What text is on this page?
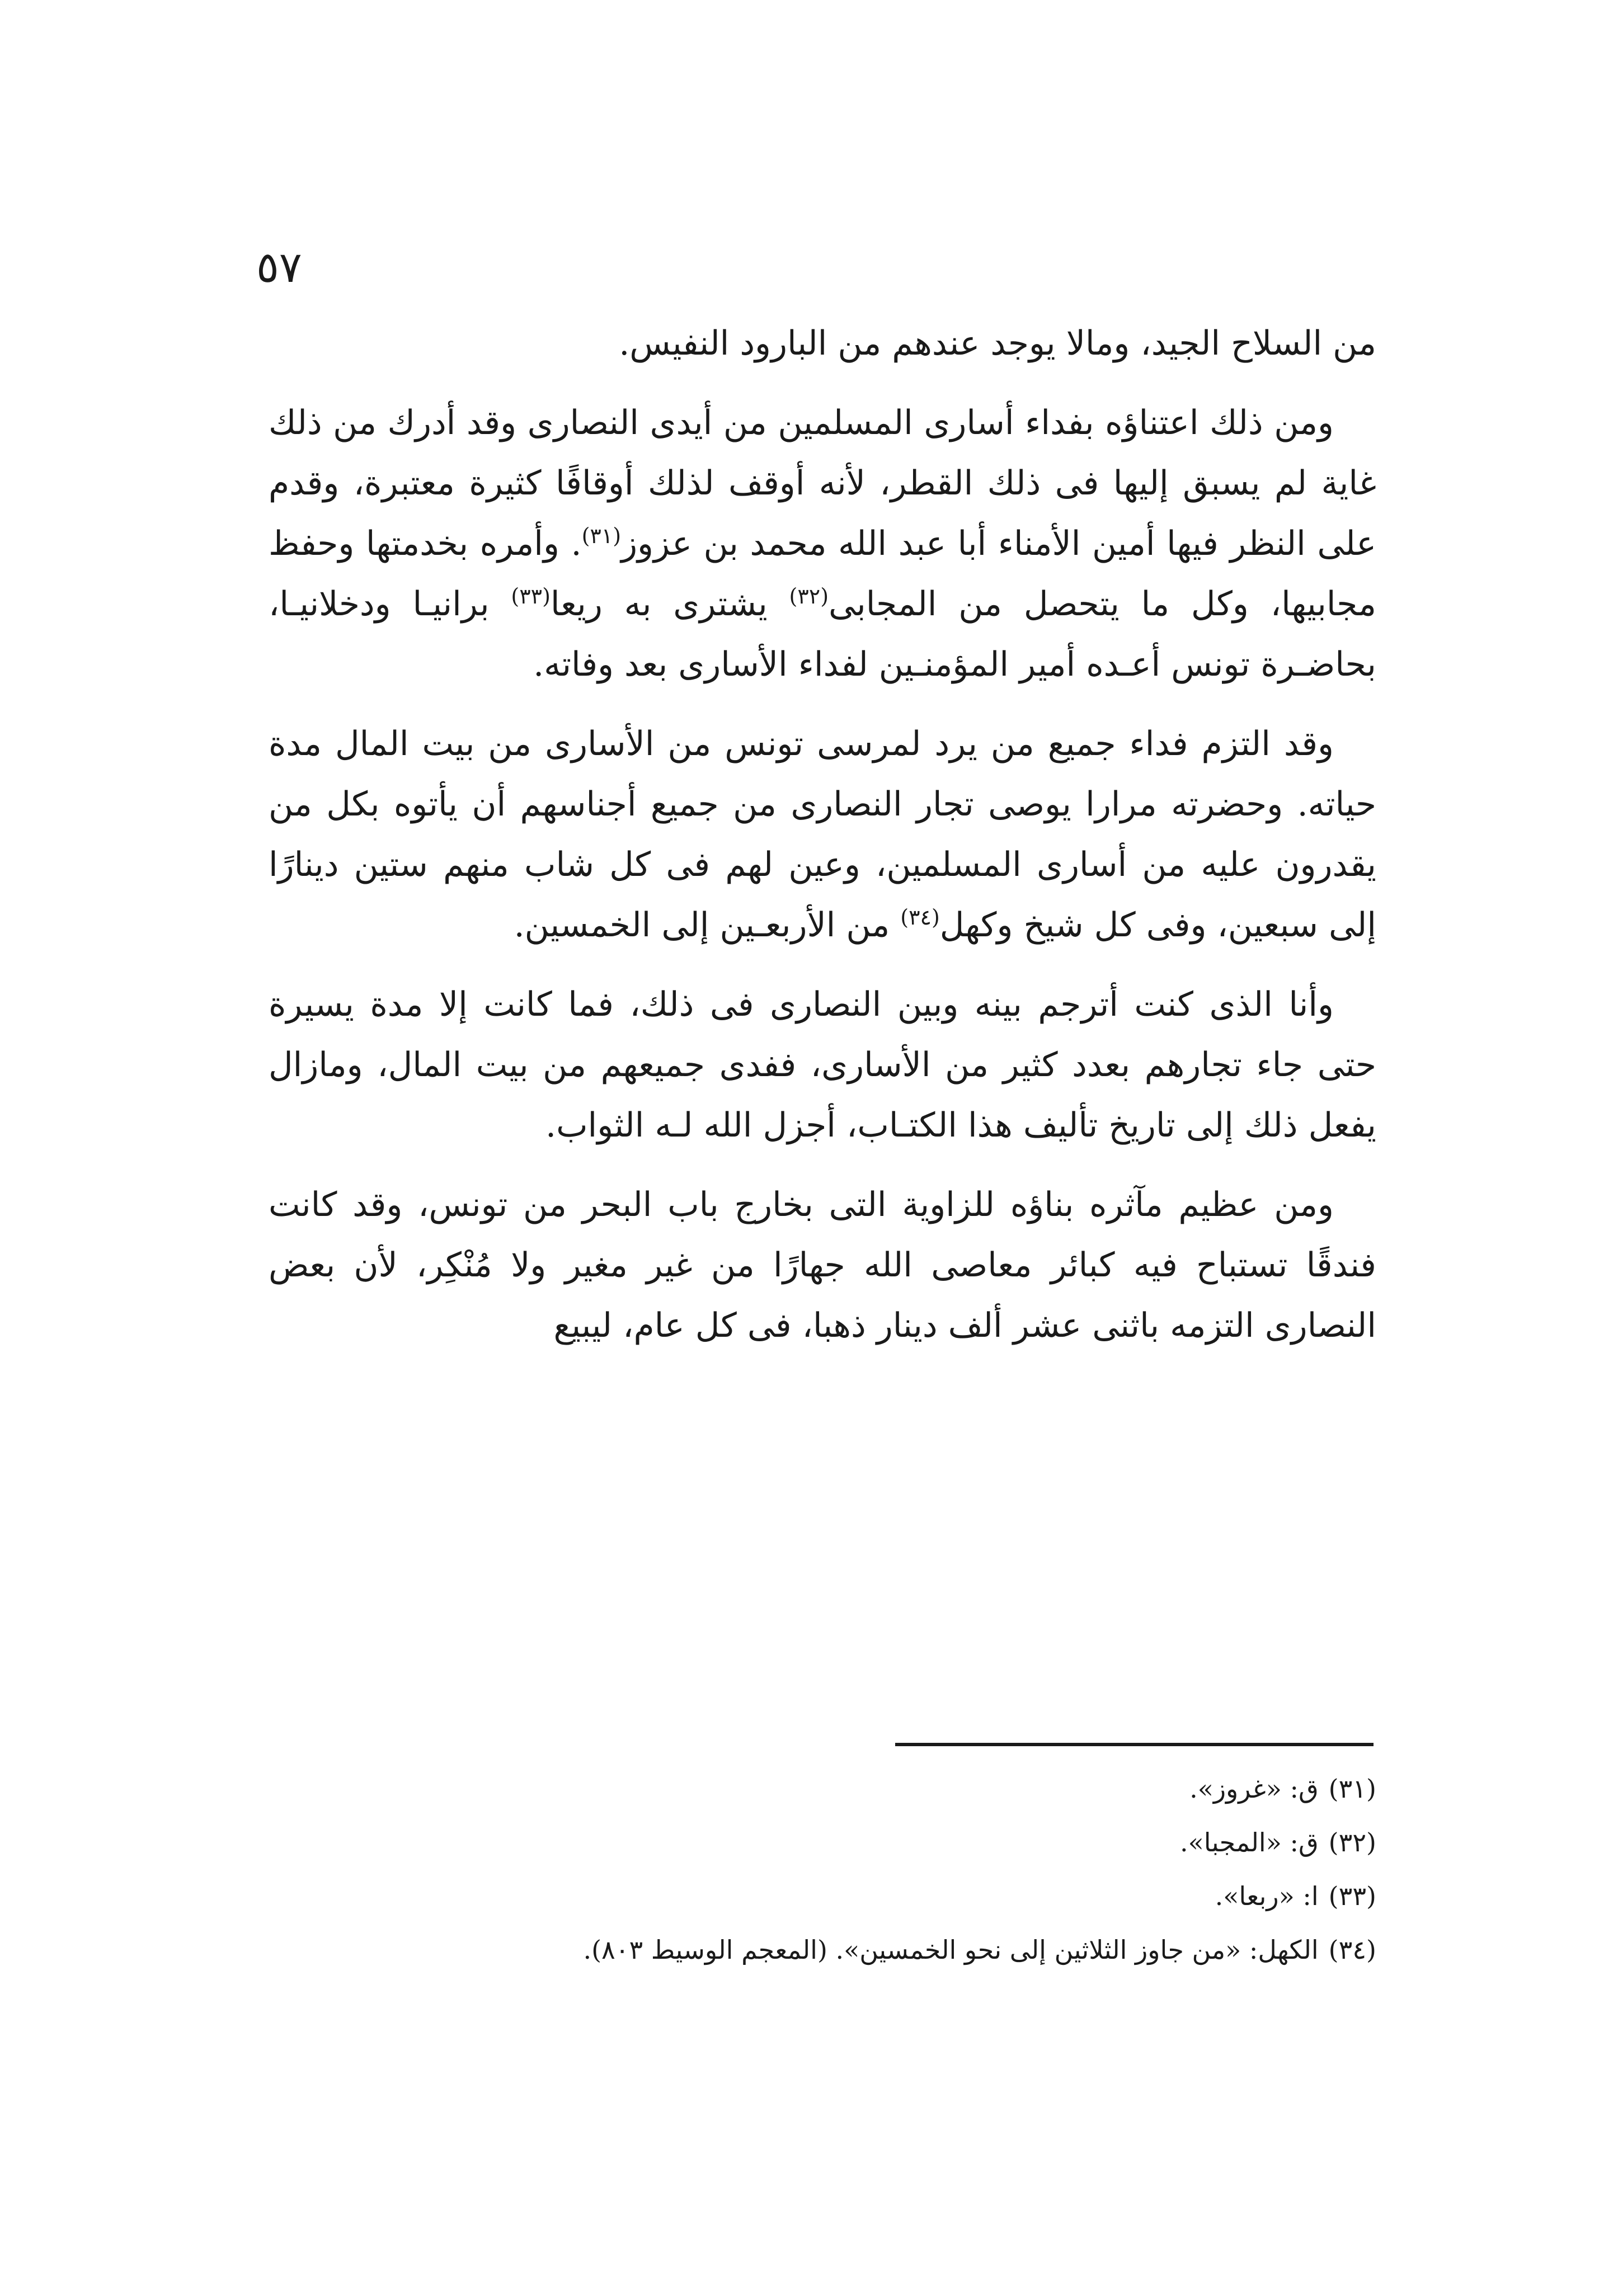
٥٧

من السلاح الجيد، ومالا يوجد عندهم من البارود النفيس.

ومن ذلك اعتناؤه بفداء أسارى المسلمين من أيدى النصارى وقد أدرك من ذلك غاية لم يسبق إليها فى ذلك القطر، لأنه أوقف لذلك أوقافًا كثيرة معتبرة، وقدم على النظر فيها أمين الأمناء أبا عبد الله محمد بن عزوز$^{(٣١)}$. وأمره بخدمتها وحفظ مجابيها، وكل ما يتحصل من المجابى$^{(٣٢)}$ يشترى به ريعا$^{(٣٣)}$ برانيـا ودخلانيـا، بحاضـرة تونس أعـده أمير المؤمنـين لفداء الأسارى بعد وفاته.

وقد التزم فداء جميع من يرد لمرسى تونس من الأسارى من بيت المال مدة حياته. وحضرته مرارا يوصى تجار النصارى من جميع أجناسهم أن يأتوه بكل من يقدرون عليه من أسارى المسلمين، وعين لهم فى كل شاب منهم ستين دينارًا إلى سبعين، وفى كل شيخ وكهل$^{(٣٤)}$ من الأربعـين إلى الخمسين.

وأنا الذى كنت أترجم بينه وبين النصارى فى ذلك، فما كانت إلا مدة يسيرة حتى جاء تجارهم بعدد كثير من الأسارى، ففدى جميعهم من بيت المال، ومازال يفعل ذلك إلى تاريخ تأليف هذا الكتـاب، أجزل الله لـه الثواب.

ومن عظيم مآثره بناؤه للزاوية التى بخارج باب البحر من تونس، وقد كانت فندقًا تستباح فيه كبائر معاصى الله جهارًا من غير مغير ولا مُنْكِر، لأن بعض النصارى التزمه باثنى عشر ألف دينار ذهبا، فى كل عام، ليبيع

(٣١)ق: «غروز».

(٣٢)ق: «المجبا».

(٣٣)ا: «ربعا».

(٣٤)الكهل: «من جاوز الثلاثين إلى نحو الخمسين». (المعجم الوسيط ٨٠٣).
